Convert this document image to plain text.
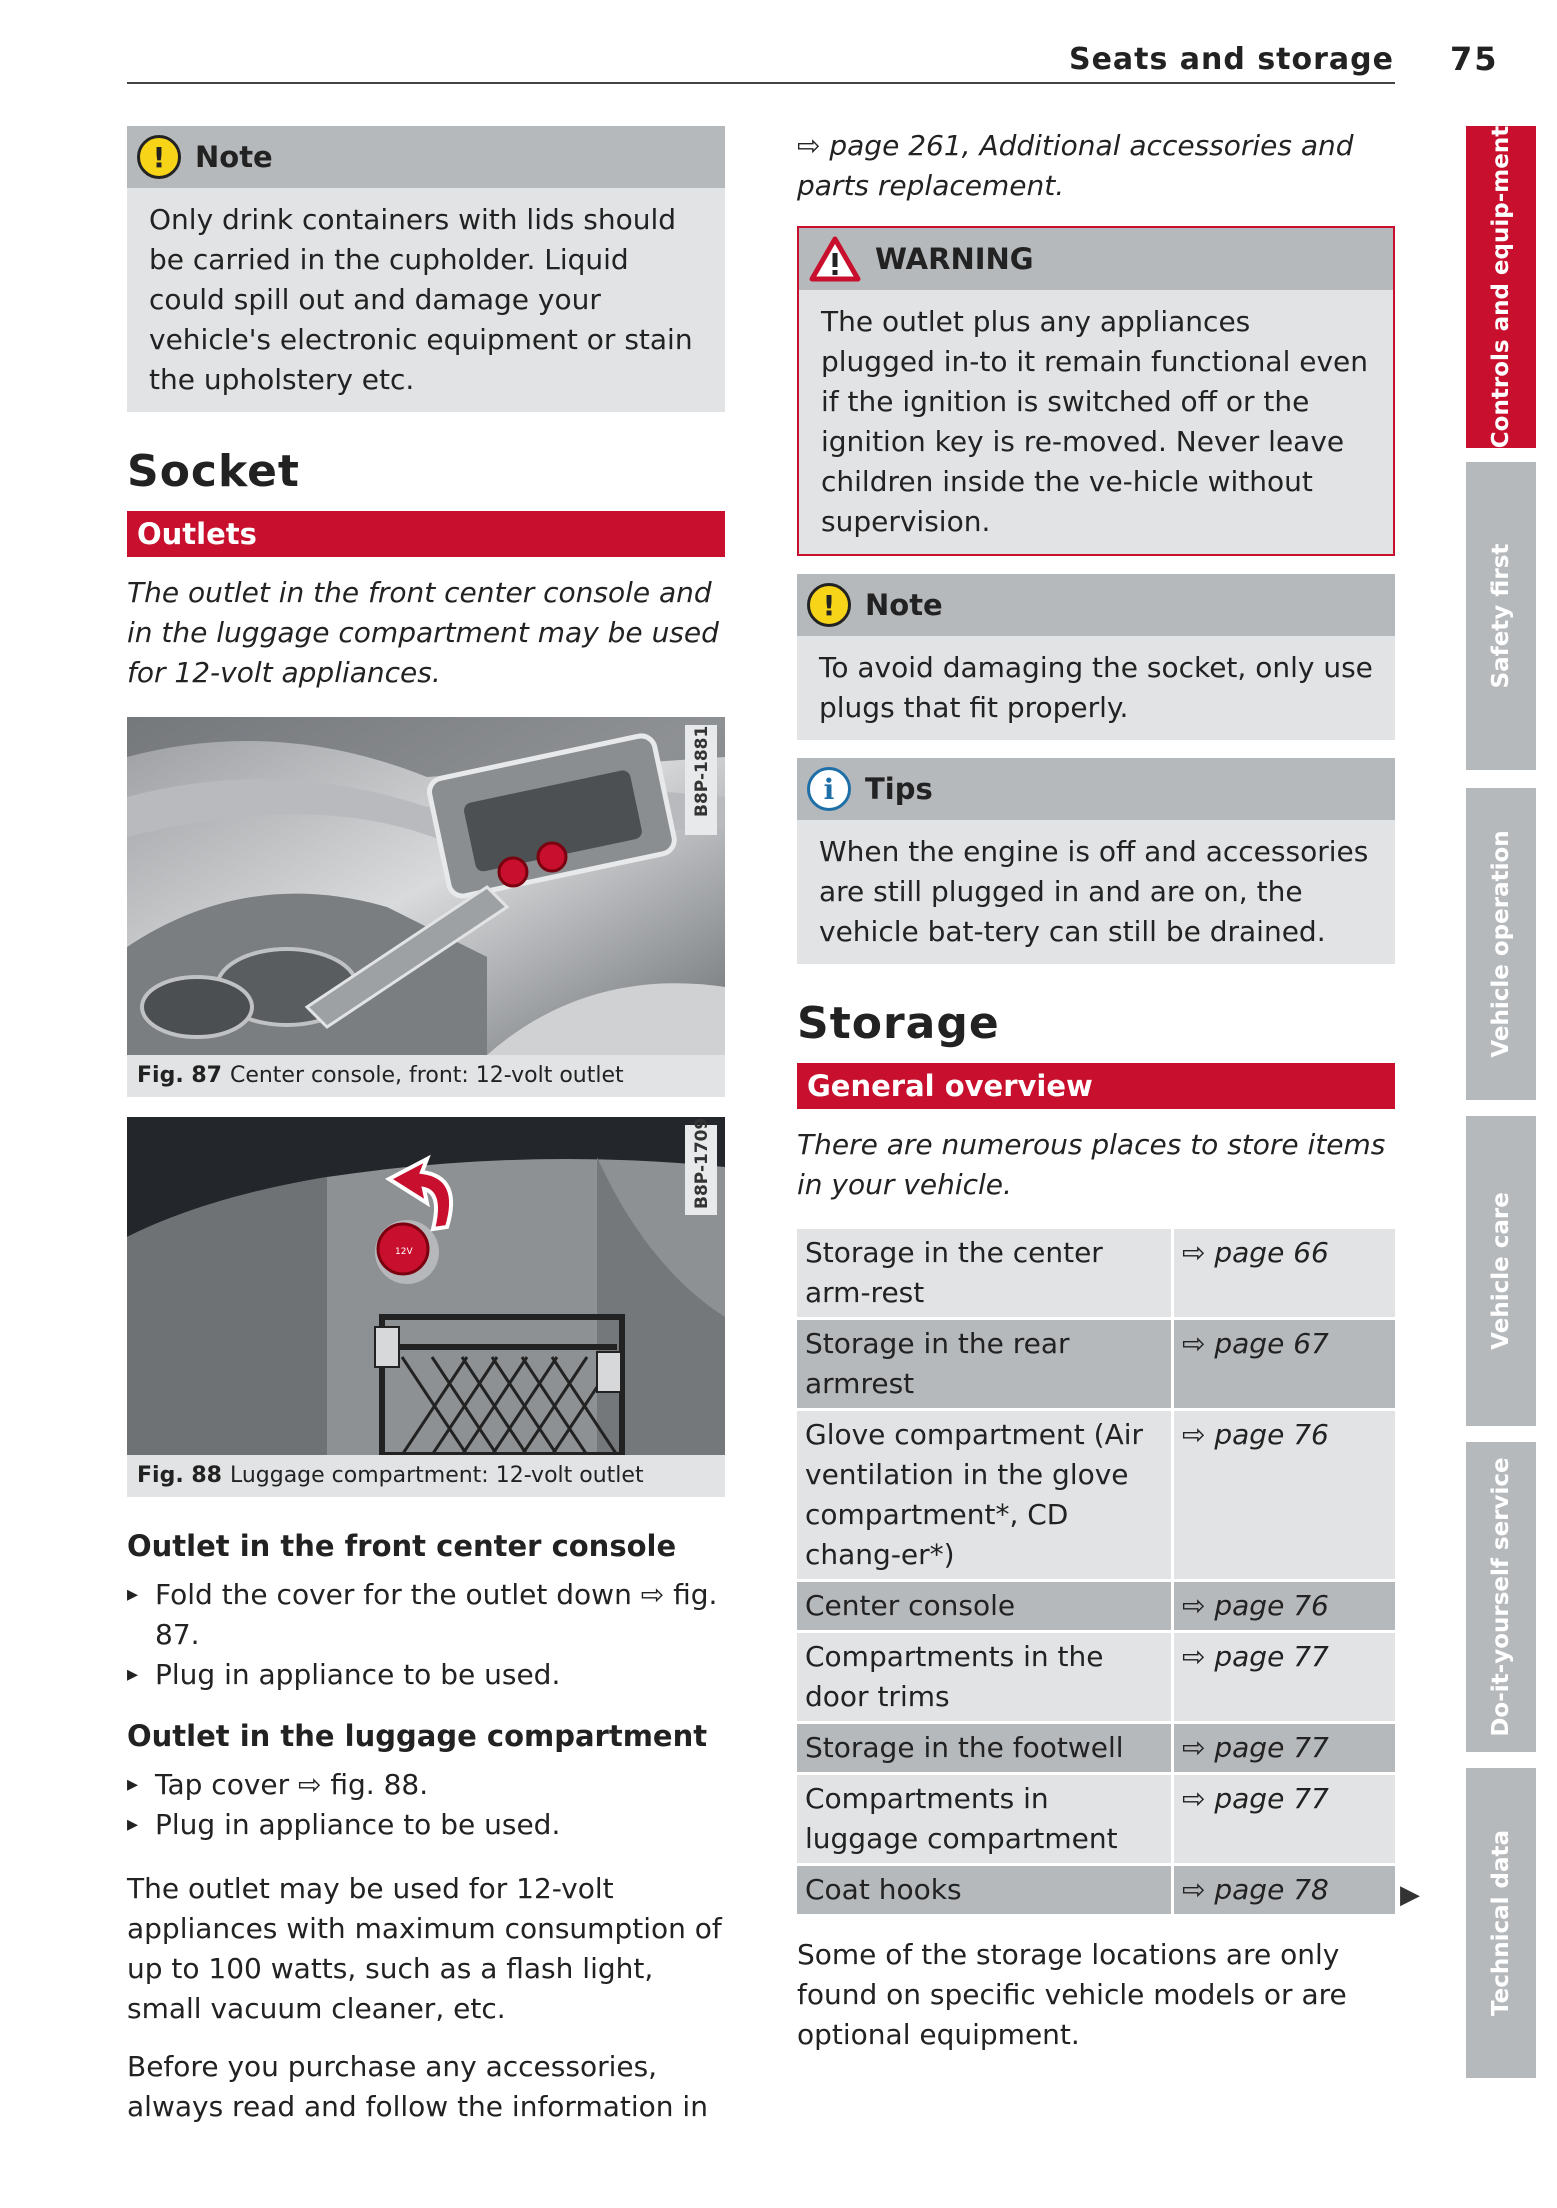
Seats and storage 75
!	Note
Only drink containers with lids should be carried in the cupholder. Liquid could spill out and damage your vehicle's electronic equipment or stain the upholstery etc.
Socket
Outlets
The outlet in the front center console and in the luggage compartment may be used for 12-volt appliances.
B8P-1881
Fig. 87 Center console, front: 12-volt outlet
12V
B8P-1709
Fig. 88 Luggage compartment: 12-volt outlet
Outlet in the front center console
▸ Fold the cover for the outlet down ⇨ fig. 87.
▸ Plug in appliance to be used.
Outlet in the luggage compartment
▸ Tap cover ⇨ fig. 88.
▸ Plug in appliance to be used.
The outlet may be used for 12-volt appliances with maximum consumption of up to 100 watts, such as a flash light, small vacuum cleaner, etc.
Before you purchase any accessories, always read and follow the information in
⇨ page 261, Additional accessories and parts replacement.
WARNING
The outlet plus any appliances plugged in-to it remain functional even if the ignition is switched off or the ignition key is re-moved. Never leave children inside the ve-hicle without supervision.
!	Note
To avoid damaging the socket, only use plugs that fit properly.
i	Tips
When the engine is off and accessories are still plugged in and are on, the vehicle bat-tery can still be drained.
Storage
General overview
There are numerous places to store items in your vehicle.
Storage in the center arm-rest	⇨ page 66
Storage in the rear armrest	⇨ page 67
Glove compartment (Air ventilation in the glove compartment*, CD chang-er*)	⇨ page 76
Center console	⇨ page 76
Compartments in the door trims	⇨ page 77
Storage in the footwell	⇨ page 77
Compartments in luggage compartment	⇨ page 77
Coat hooks	⇨ page 78
Some of the storage locations are only found on specific vehicle models or are optional equipment.
▶
Controls and equip-ment
Safety first
Vehicle operation
Vehicle care
Do-it-yourself service
Technical data
